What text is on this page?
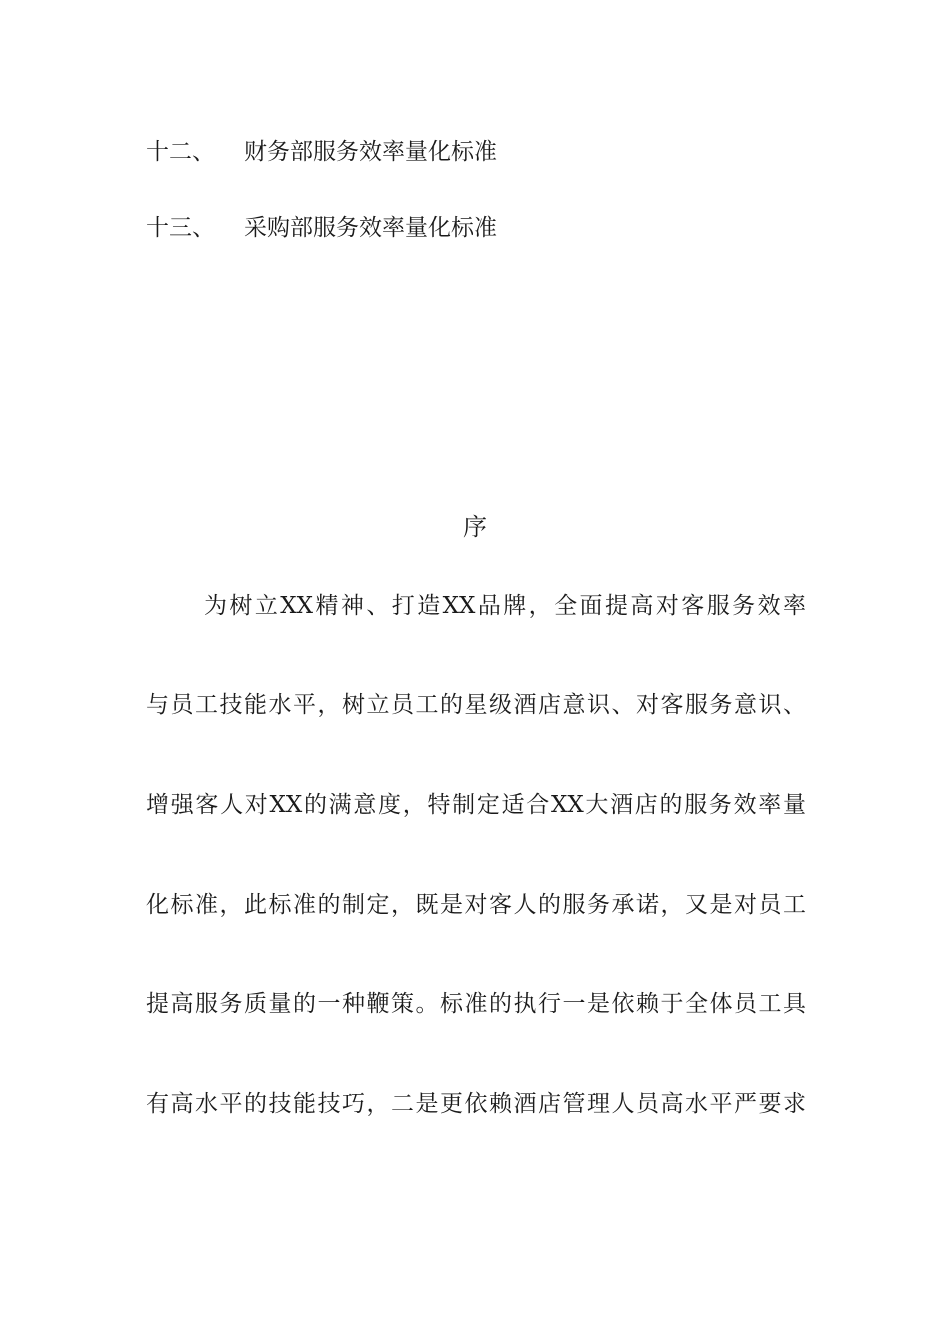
十二、 财务部服务效率量化标准
十三、 采购部服务效率量化标准
序
为树立XX精神、打造XX品牌，全面提高对客服务效率
与员工技能水平，树立员工的星级酒店意识、对客服务意识、
增强客人对XX的满意度，特制定适合XX大酒店的服务效率量
化标准，此标准的制定，既是对客人的服务承诺，又是对员工
提高服务质量的一种鞭策。标准的执行一是依赖于全体员工具
有高水平的技能技巧，二是更依赖酒店管理人员高水平严要求
